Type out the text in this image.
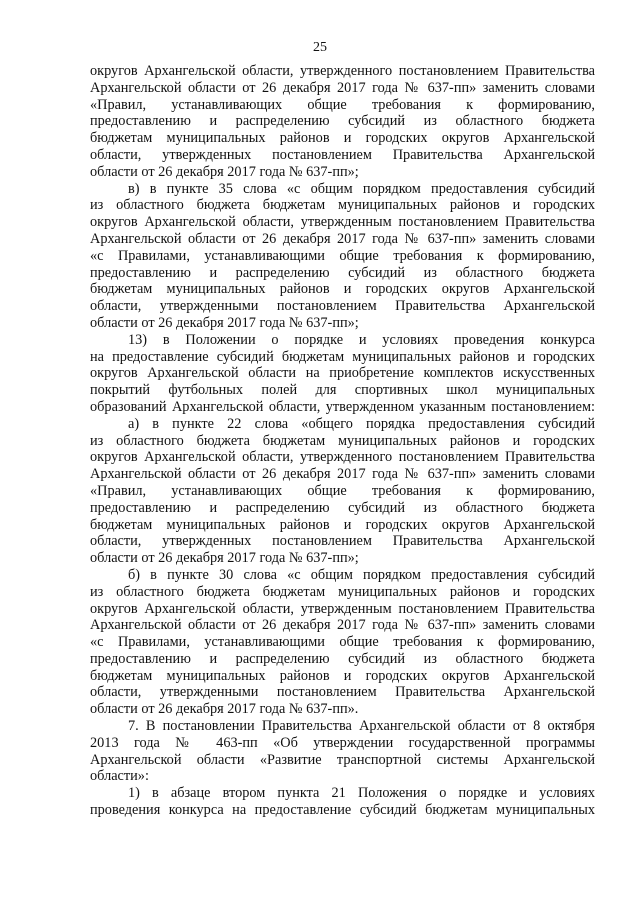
25
округов Архангельской области, утвержденного постановлением Правительства
Архангельской области от 26 декабря 2017 года № 637-пп» заменить словами
«Правил, устанавливающих общие требования к формированию,
предоставлению и распределению субсидий из областного бюджета
бюджетам муниципальных районов и городских округов Архангельской
области, утвержденных постановлением Правительства Архангельской
области от 26 декабря 2017 года № 637-пп»;
в) в пункте 35 слова «с общим порядком предоставления субсидий
из областного бюджета бюджетам муниципальных районов и городских
округов Архангельской области, утвержденным постановлением Правительства
Архангельской области от 26 декабря 2017 года № 637-пп» заменить словами
«с Правилами, устанавливающими общие требования к формированию,
предоставлению и распределению субсидий из областного бюджета
бюджетам муниципальных районов и городских округов Архангельской
области, утвержденными постановлением Правительства Архангельской
области от 26 декабря 2017 года № 637-пп»;
13) в Положении о порядке и условиях проведения конкурса
на предоставление субсидий бюджетам муниципальных районов и городских
округов Архангельской области на приобретение комплектов искусственных
покрытий футбольных полей для спортивных школ муниципальных
образований Архангельской области, утвержденном указанным постановлением:
а) в пункте 22 слова «общего порядка предоставления субсидий
из областного бюджета бюджетам муниципальных районов и городских
округов Архангельской области, утвержденного постановлением Правительства
Архангельской области от 26 декабря 2017 года № 637-пп» заменить словами
«Правил, устанавливающих общие требования к формированию,
предоставлению и распределению субсидий из областного бюджета
бюджетам муниципальных районов и городских округов Архангельской
области, утвержденных постановлением Правительства Архангельской
области от 26 декабря 2017 года № 637-пп»;
б) в пункте 30 слова «с общим порядком предоставления субсидий
из областного бюджета бюджетам муниципальных районов и городских
округов Архангельской области, утвержденным постановлением Правительства
Архангельской области от 26 декабря 2017 года № 637-пп» заменить словами
«с Правилами, устанавливающими общие требования к формированию,
предоставлению и распределению субсидий из областного бюджета
бюджетам муниципальных районов и городских округов Архангельской
области, утвержденными постановлением Правительства Архангельской
области от 26 декабря 2017 года № 637-пп».
7. В постановлении Правительства Архангельской области от 8 октября
2013 года № 463-пп «Об утверждении государственной программы
Архангельской области «Развитие транспортной системы Архангельской
области»:
1) в абзаце втором пункта 21 Положения о порядке и условиях
проведения конкурса на предоставление субсидий бюджетам муниципальных
